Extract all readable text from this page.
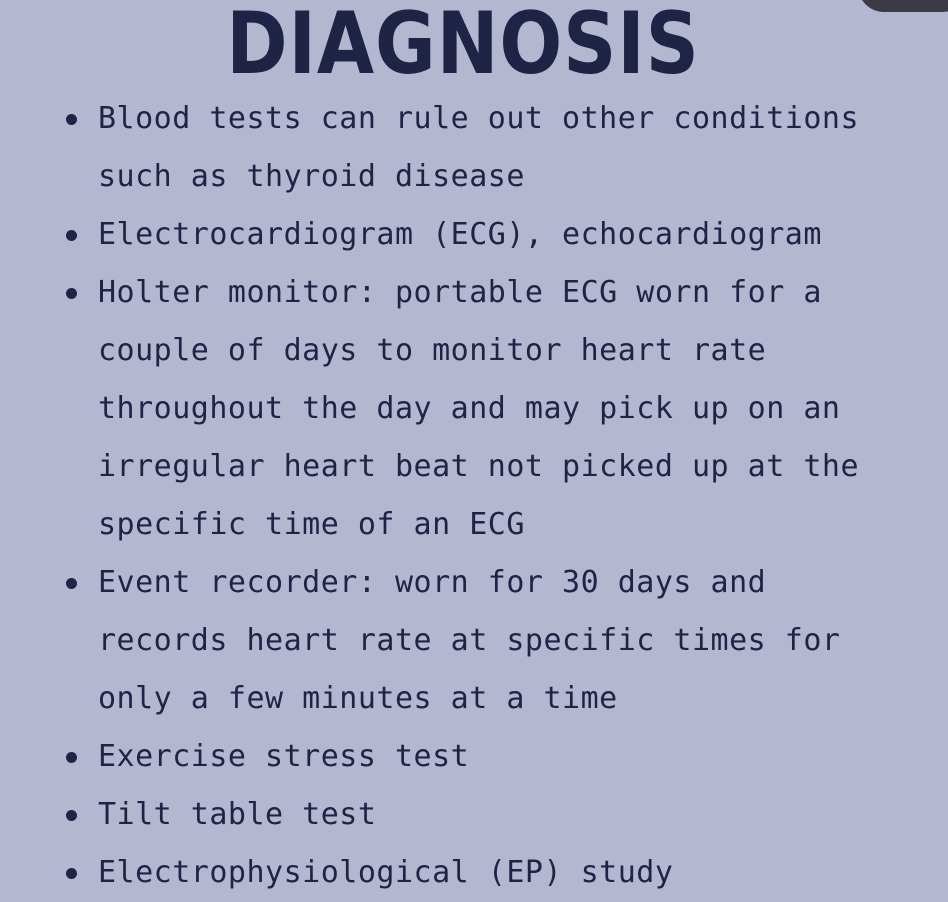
DIAGNOSIS
Blood tests can rule out other conditions such as thyroid disease
Electrocardiogram (ECG), echocardiogram
Holter monitor: portable ECG worn for a couple of days to monitor heart rate throughout the day and may pick up on an irregular heart beat not picked up at the specific time of an ECG
Event recorder: worn for 30 days and records heart rate at specific times for only a few minutes at a time
Exercise stress test
Tilt table test
Electrophysiological (EP) study
